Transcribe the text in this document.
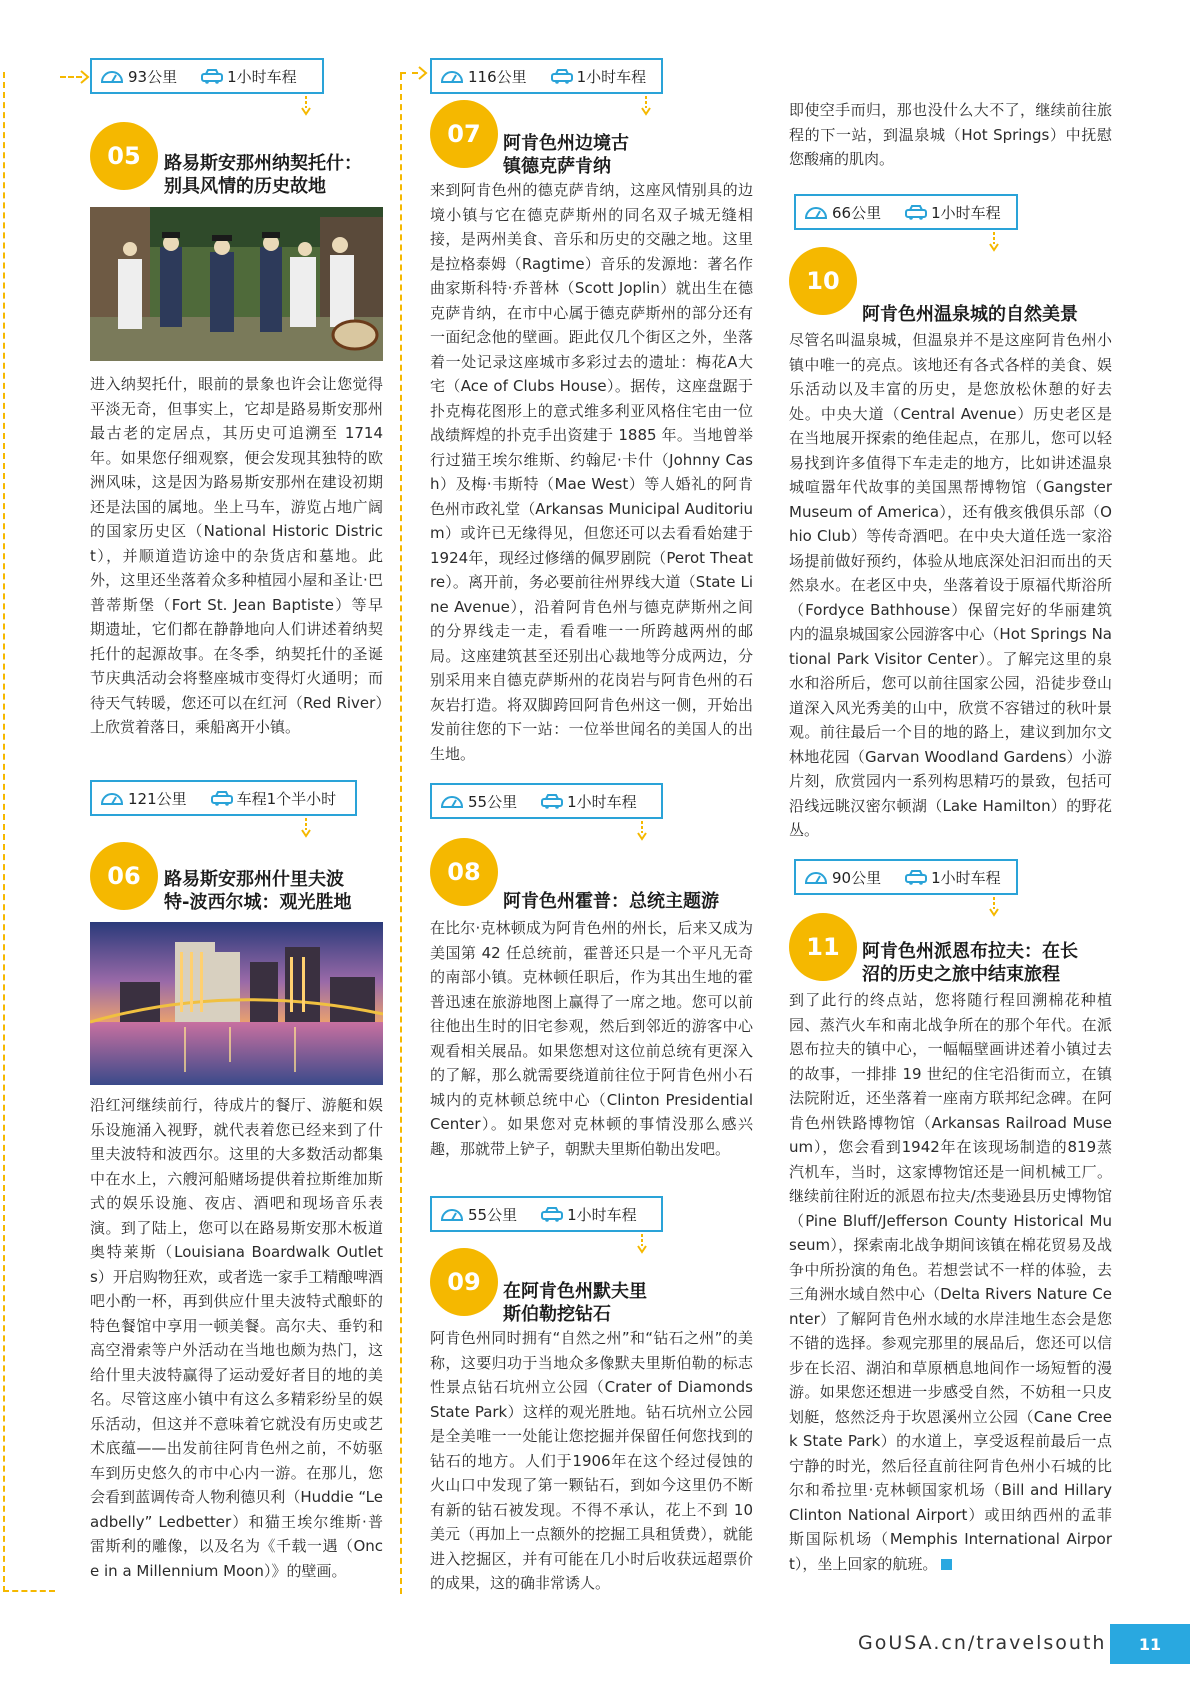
93公里	1小时车程
05	路易斯安那州纳契托什：
别具风情的历史故地
进入纳契托什，眼前的景象也许会让您觉得平淡无奇，但事实上，它却是路易斯安那州最古老的定居点，其历史可追溯至 1714 年。如果您仔细观察，便会发现其独特的欧洲风味，这是因为路易斯安那州在建设初期还是法国的属地。坐上马车，游览占地广阔的国家历史区（National Historic District），并顺道造访途中的杂货店和墓地。此外，这里还坐落着众多种植园小屋和圣让·巴普蒂斯堡（Fort St. Jean Baptiste）等早期遗址，它们都在静静地向人们讲述着纳契托什的起源故事。在冬季，纳契托什的圣诞节庆典活动会将整座城市变得灯火通明；而待天气转暖，您还可以在红河（Red River）上欣赏着落日，乘船离开小镇。
121公里	车程1个半小时
06	路易斯安那州什里夫波
特-波西尔城：观光胜地
沿红河继续前行，待成片的餐厅、游艇和娱乐设施涌入视野，就代表着您已经来到了什里夫波特和波西尔。这里的大多数活动都集中在水上，六艘河船赌场提供着拉斯维加斯式的娱乐设施、夜店、酒吧和现场音乐表演。到了陆上，您可以在路易斯安那木板道奥特莱斯（Louisiana Boardwalk Outlets）开启购物狂欢，或者选一家手工精酿啤酒吧小酌一杯，再到供应什里夫波特式酿虾的特色餐馆中享用一顿美餐。高尔夫、垂钓和高空滑索等户外活动在当地也颇为热门，这给什里夫波特赢得了运动爱好者目的地的美名。尽管这座小镇中有这么多精彩纷呈的娱乐活动，但这并不意味着它就没有历史或艺术底蕴——出发前往阿肯色州之前，不妨驱车到历史悠久的市中心内一游。在那儿，您会看到蓝调传奇人物利德贝利（Huddie “Leadbelly” Ledbetter）和猫王埃尔维斯·普雷斯利的雕像，以及名为《千载一遇（Once in a Millennium Moon）》的壁画。
116公里	1小时车程
07	阿肯色州边境古
镇德克萨肯纳
来到阿肯色州的德克萨肯纳，这座风情别具的边境小镇与它在德克萨斯州的同名双子城无缝相接，是两州美食、音乐和历史的交融之地。这里是拉格泰姆（Ragtime）音乐的发源地：著名作曲家斯科特·乔普林（Scott Joplin）就出生在德克萨肯纳，在市中心属于德克萨斯州的部分还有一面纪念他的壁画。距此仅几个街区之外，坐落着一处记录这座城市多彩过去的遗址：梅花A大宅（Ace of Clubs House）。据传，这座盘踞于扑克梅花图形上的意式维多利亚风格住宅由一位战绩辉煌的扑克手出资建于 1885 年。当地曾举行过猫王埃尔维斯、约翰尼·卡什（Johnny Cash）及梅·韦斯特（Mae West）等人婚礼的阿肯色州市政礼堂（Arkansas Municipal Auditorium）或许已无缘得见，但您还可以去看看始建于1924年，现经过修缮的佩罗剧院（Perot Theatre）。离开前，务必要前往州界线大道（State Line Avenue），沿着阿肯色州与德克萨斯州之间的分界线走一走，看看唯一一所跨越两州的邮局。这座建筑甚至还别出心裁地等分成两边，分别采用来自德克萨斯州的花岗岩与阿肯色州的石灰岩打造。将双脚跨回阿肯色州这一侧，开始出发前往您的下一站：一位举世闻名的美国人的出生地。
55公里	1小时车程
08
阿肯色州霍普：总统主题游
在比尔·克林顿成为阿肯色州的州长，后来又成为美国第 42 任总统前，霍普还只是一个平凡无奇的南部小镇。克林顿任职后，作为其出生地的霍普迅速在旅游地图上赢得了一席之地。您可以前往他出生时的旧宅参观，然后到邻近的游客中心观看相关展品。如果您想对这位前总统有更深入的了解，那么就需要绕道前往位于阿肯色州小石城内的克林顿总统中心（Clinton Presidential Center）。如果您对克林顿的事情没那么感兴趣，那就带上铲子，朝默夫里斯伯勒出发吧。
55公里	1小时车程
09	在阿肯色州默夫里
斯伯勒挖钻石
阿肯色州同时拥有“自然之州”和“钻石之州”的美称，这要归功于当地众多像默夫里斯伯勒的标志性景点钻石坑州立公园（Crater of Diamonds State Park）这样的观光胜地。钻石坑州立公园是全美唯一一处能让您挖掘并保留任何您找到的钻石的地方。人们于1906年在这个经过侵蚀的火山口中发现了第一颗钻石，到如今这里仍不断有新的钻石被发现。不得不承认，花上不到 10 美元（再加上一点额外的挖掘工具租赁费），就能进入挖掘区，并有可能在几小时后收获远超票价的成果，这的确非常诱人。
即使空手而归，那也没什么大不了，继续前往旅程的下一站，到温泉城（Hot Springs）中抚慰您酸痛的肌肉。
66公里	1小时车程
10
阿肯色州温泉城的自然美景
尽管名叫温泉城，但温泉并不是这座阿肯色州小镇中唯一的亮点。该地还有各式各样的美食、娱乐活动以及丰富的历史，是您放松休憩的好去处。中央大道（Central Avenue）历史老区是在当地展开探索的绝佳起点，在那儿，您可以轻易找到许多值得下车走走的地方，比如讲述温泉城喧嚣年代故事的美国黑帮博物馆（Gangster Museum of America），还有俄亥俄俱乐部（Ohio Club）等传奇酒吧。在中央大道任选一家浴场提前做好预约，体验从地底深处汩汩而出的天然泉水。在老区中央，坐落着设于原福代斯浴所（Fordyce Bathhouse）保留完好的华丽建筑内的温泉城国家公园游客中心（Hot Springs National Park Visitor Center）。了解完这里的泉水和浴所后，您可以前往国家公园，沿徒步登山道深入风光秀美的山中，欣赏不容错过的秋叶景观。前往最后一个目的地的路上，建议到加尔文林地花园（Garvan Woodland Gardens）小游片刻，欣赏园内一系列构思精巧的景致，包括可沿线远眺汉密尔顿湖（Lake Hamilton）的野花丛。
90公里	1小时车程
11	阿肯色州派恩布拉夫：在长
沼的历史之旅中结束旅程
到了此行的终点站，您将随行程回溯棉花种植园、蒸汽火车和南北战争所在的那个年代。在派恩布拉夫的镇中心，一幅幅壁画讲述着小镇过去的故事，一排排 19 世纪的住宅沿街而立，在镇法院附近，还坐落着一座南方联邦纪念碑。在阿肯色州铁路博物馆（Arkansas Railroad Museum），您会看到1942年在该现场制造的819蒸汽机车，当时，这家博物馆还是一间机械工厂。继续前往附近的派恩布拉夫/杰斐逊县历史博物馆（Pine Bluff/Jefferson County Historical Museum），探索南北战争期间该镇在棉花贸易及战争中所扮演的角色。若想尝试不一样的体验，去三角洲水域自然中心（Delta Rivers Nature Center）了解阿肯色州水域的水岸洼地生态会是您不错的选择。参观完那里的展品后，您还可以信步在长沼、湖泊和草原栖息地间作一场短暂的漫游。如果您还想进一步感受自然，不妨租一只皮划艇，悠然泛舟于坎恩溪州立公园（Cane Creek State Park）的水道上，享受返程前最后一点宁静的时光，然后径直前往阿肯色州小石城的比尔和希拉里·克林顿国家机场（Bill and Hillary Clinton National Airport）或田纳西州的孟菲斯国际机场（Memphis International Airport），坐上回家的航班。
GoUSA.cn/travelsouth	11
